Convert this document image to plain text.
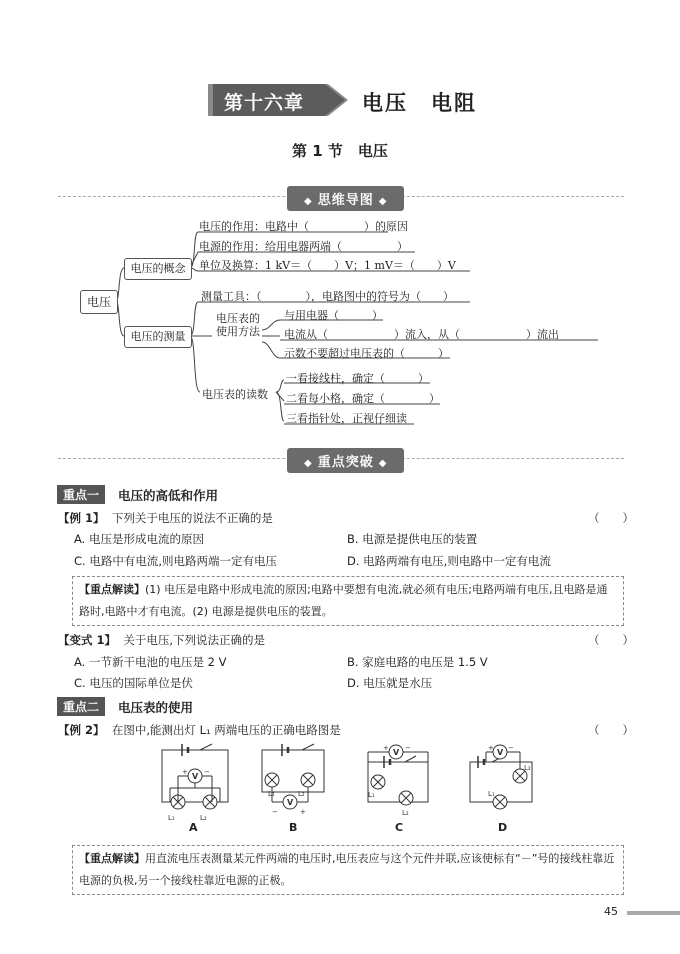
第十六章	电压　电阻
第 1 节　电压
◆ 思维导图 ◆
电压
电压的概念
电压的测量
电压的作用：电路中（　　　　　）的原因
电源的作用：给用电器两端（　　　　　）
单位及换算：1 kV＝（　　）V；1 mV＝（　　）V
测量工具：（　　　　），电路图中的符号为（　　）
电压表的
使用方法
与用电器（　　　）
电流从（　　　　　　）流入，从（　　　　　　）流出
示数不要超过电压表的（　　　）
电压表的读数
一看接线柱，确定（　　　）
二看每小格，确定（　　　　）
三看指针处，正视仔细读
◆ 重点突破 ◆
重点一	电压的高低和作用
【例 1】 下列关于电压的说法不正确的是	（　　）
A. 电压是形成电流的原因	B. 电源是提供电压的装置
C. 电路中有电流,则电路两端一定有电压	D. 电路两端有电压,则电路中一定有电流
【重点解读】(1) 电压是电路中形成电流的原因;电路中要想有电流,就必须有电压;电路两端有电压,且电路是通路时,电路中才有电流。(2) 电源是提供电压的装置。
【变式 1】 关于电压,下列说法正确的是	（　　）
A. 一节新干电池的电压是 2 V	B. 家庭电路的电压是 1.5 V
C. 电压的国际单位是伏	D. 电压就是水压
重点二	电压表的使用
【例 2】 在图中,能测出灯 L₁ 两端电压的正确电路图是	（　　）
V
V
V	V
+ −
−	+
+ −	+ −
L₁	L₂
L₁	L₂	L₁
L₂
L₁
L₂
A	B	C	D
【重点解读】用直流电压表测量某元件两端的电压时,电压表应与这个元件并联,应该使标有“－”号的接线柱靠近电源的负极,另一个接线柱靠近电源的正极。
45
